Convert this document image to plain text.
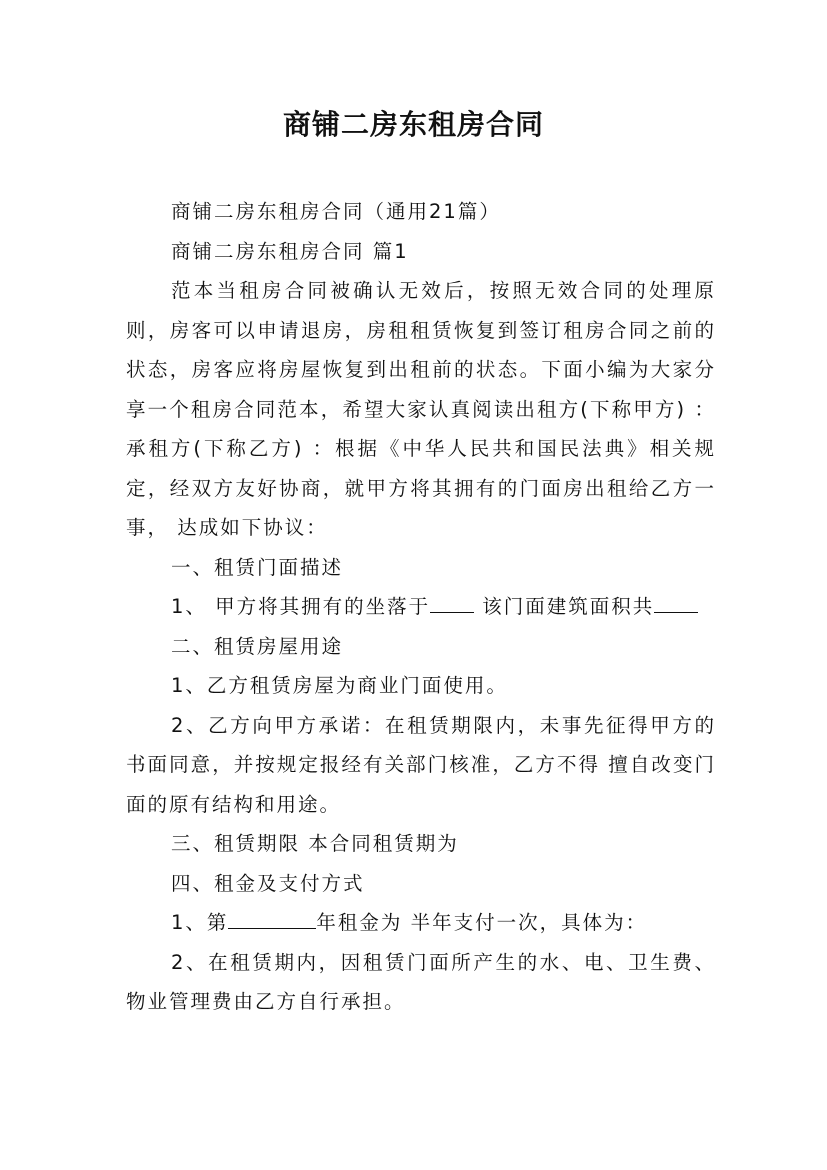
商铺二房东租房合同

商铺二房东租房合同（通用21篇）

商铺二房东租房合同 篇1

范本当租房合同被确认无效后，按照无效合同的处理原则，房客可以申请退房，房租租赁恢复到签订租房合同之前的状态，房客应将房屋恢复到出租前的状态。下面小编为大家分享一个租房合同范本，希望大家认真阅读出租方(下称甲方) ： 承租方(下称乙方) ：根据《中华人民共和国民法典》相关规定，经双方友好协商，就甲方将其拥有的门面房出租给乙方一事， 达成如下协议：

一、租赁门面描述

1、 甲方将其拥有的坐落于 该门面建筑面积共

二、租赁房屋用途

1、乙方租赁房屋为商业门面使用。

2、乙方向甲方承诺：在租赁期限内，未事先征得甲方的书面同意，并按规定报经有关部门核准，乙方不得 擅自改变门面的原有结构和用途。

三、租赁期限 本合同租赁期为

四、租金及支付方式

1、第	年租金为 半年支付一次，具体为：

2、在租赁期内，因租赁门面所产生的水、电、卫生费、物业管理费由乙方自行承担。
